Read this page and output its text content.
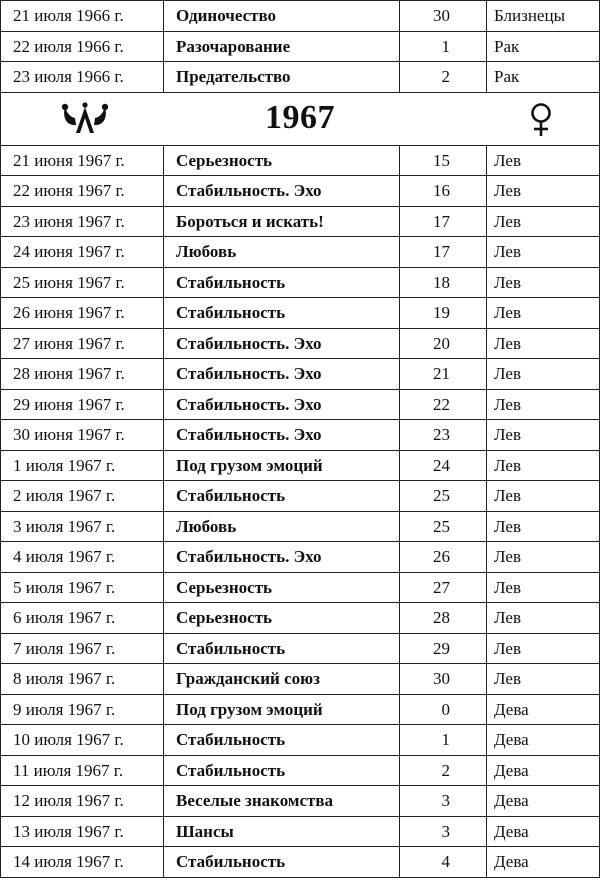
21 июля 1966 г.	Одиночество	30	Близнецы
22 июля 1966 г.	Разочарование	1	Рак
23 июля 1966 г.	Предательство	2	Рак

1967			

21 июня 1967 г.	Серьезность	15	Лев
22 июня 1967 г.	Стабильность. Эхо	16	Лев
23 июня 1967 г.	Бороться и искать!	17	Лев
24 июня 1967 г.	Любовь	17	Лев
25 июня 1967 г.	Стабильность	18	Лев
26 июня 1967 г.	Стабильность	19	Лев
27 июня 1967 г.	Стабильность. Эхо	20	Лев
28 июня 1967 г.	Стабильность. Эхо	21	Лев
29 июня 1967 г.	Стабильность. Эхо	22	Лев
30 июня 1967 г.	Стабильность. Эхо	23	Лев
1 июля 1967 г.	Под грузом эмоций	24	Лев
2 июля 1967 г.	Стабильность	25	Лев
3 июля 1967 г.	Любовь	25	Лев
4 июля 1967 г.	Стабильность. Эхо	26	Лев
5 июля 1967 г.	Серьезность	27	Лев
6 июля 1967 г.	Серьезность	28	Лев
7 июля 1967 г.	Стабильность	29	Лев
8 июля 1967 г.	Гражданский союз	30	Лев
9 июля 1967 г.	Под грузом эмоций	0	Дева
10 июля 1967 г.	Стабильность	1	Дева
11 июля 1967 г.	Стабильность	2	Дева
12 июля 1967 г.	Веселые знакомства	3	Дева
13 июля 1967 г.	Шансы	3	Дева
14 июля 1967 г.	Стабильность	4	Дева
